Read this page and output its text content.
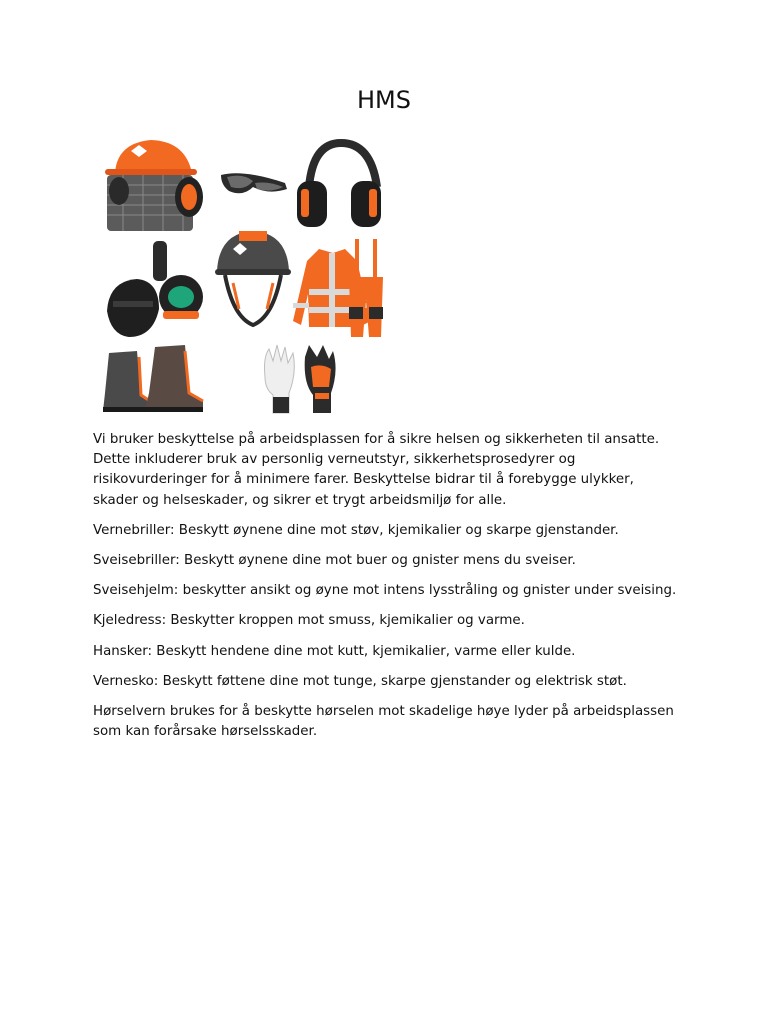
HMS

Vi bruker beskyttelse på arbeidsplassen for å sikre helsen og sikkerheten til ansatte. Dette inkluderer bruk av personlig verneutstyr, sikkerhetsprosedyrer og risikovurderinger for å minimere farer. Beskyttelse bidrar til å forebygge ulykker, skader og helseskader, og sikrer et trygt arbeidsmiljø for alle.

Vernebriller: Beskytt øynene dine mot støv, kjemikalier og skarpe gjenstander.

Sveisebriller: Beskytt øynene dine mot buer og gnister mens du sveiser.

Sveisehjelm: beskytter ansikt og øyne mot intens lysstråling og gnister under sveising.

Kjeledress: Beskytter kroppen mot smuss, kjemikalier og varme.

Hansker: Beskytt hendene dine mot kutt, kjemikalier, varme eller kulde.

Vernesko: Beskytt føttene dine mot tunge, skarpe gjenstander og elektrisk støt.

Hørselvern brukes for å beskytte hørselen mot skadelige høye lyder på arbeidsplassen som kan forårsake hørselsskader.
